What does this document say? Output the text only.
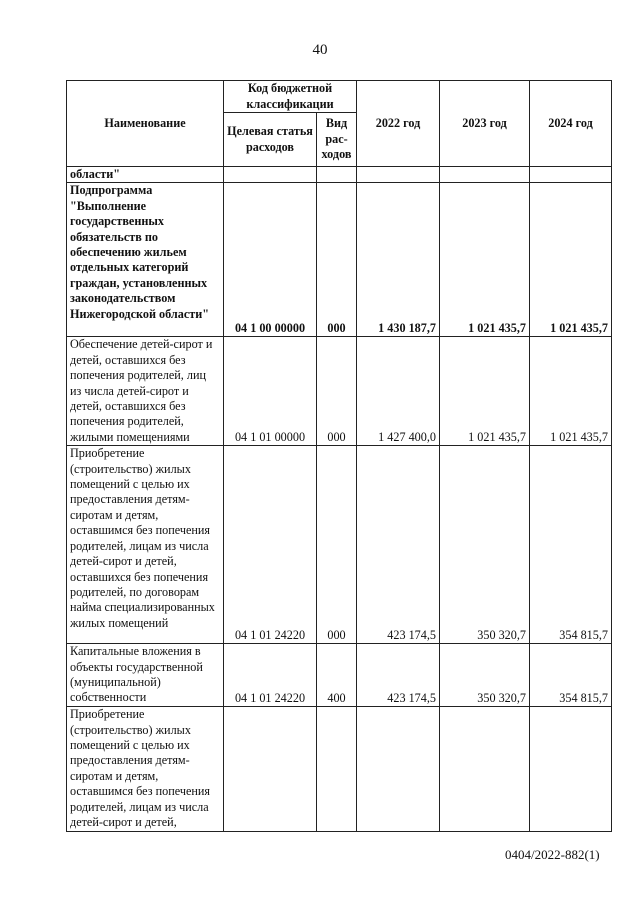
40
Наименование	Код бюджетной классификации		2022 год	2023 год	2024 год
	Целевая статья расходов	Вид рас-ходов			
области"					
Подпрограмма "Выполнение государственных обязательств по обеспечению жильем отдельных категорий граждан, установленных законодательством Нижегородской области"	04 1 00 00000	000	1 430 187,7	1 021 435,7	1 021 435,7
Обеспечение детей-сирот и детей, оставшихся без попечения родителей, лиц из числа детей-сирот и детей, оставшихся без попечения родителей, жилыми помещениями	04 1 01 00000	000	1 427 400,0	1 021 435,7	1 021 435,7
Приобретение (строительство) жилых помещений с целью их предоставления детям-сиротам и детям, оставшимся без попечения родителей, лицам из числа детей-сирот и детей, оставшихся без попечения родителей, по договорам найма специализированных жилых помещений	04 1 01 24220	000	423 174,5	350 320,7	354 815,7
Капитальные вложения в объекты государственной (муниципальной) собственности	04 1 01 24220	400	423 174,5	350 320,7	354 815,7
Приобретение (строительство) жилых помещений с целью их предоставления детям-сиротам и детям, оставшимся без попечения родителей, лицам из числа детей-сирот и детей,					
0404/2022-882(1)
